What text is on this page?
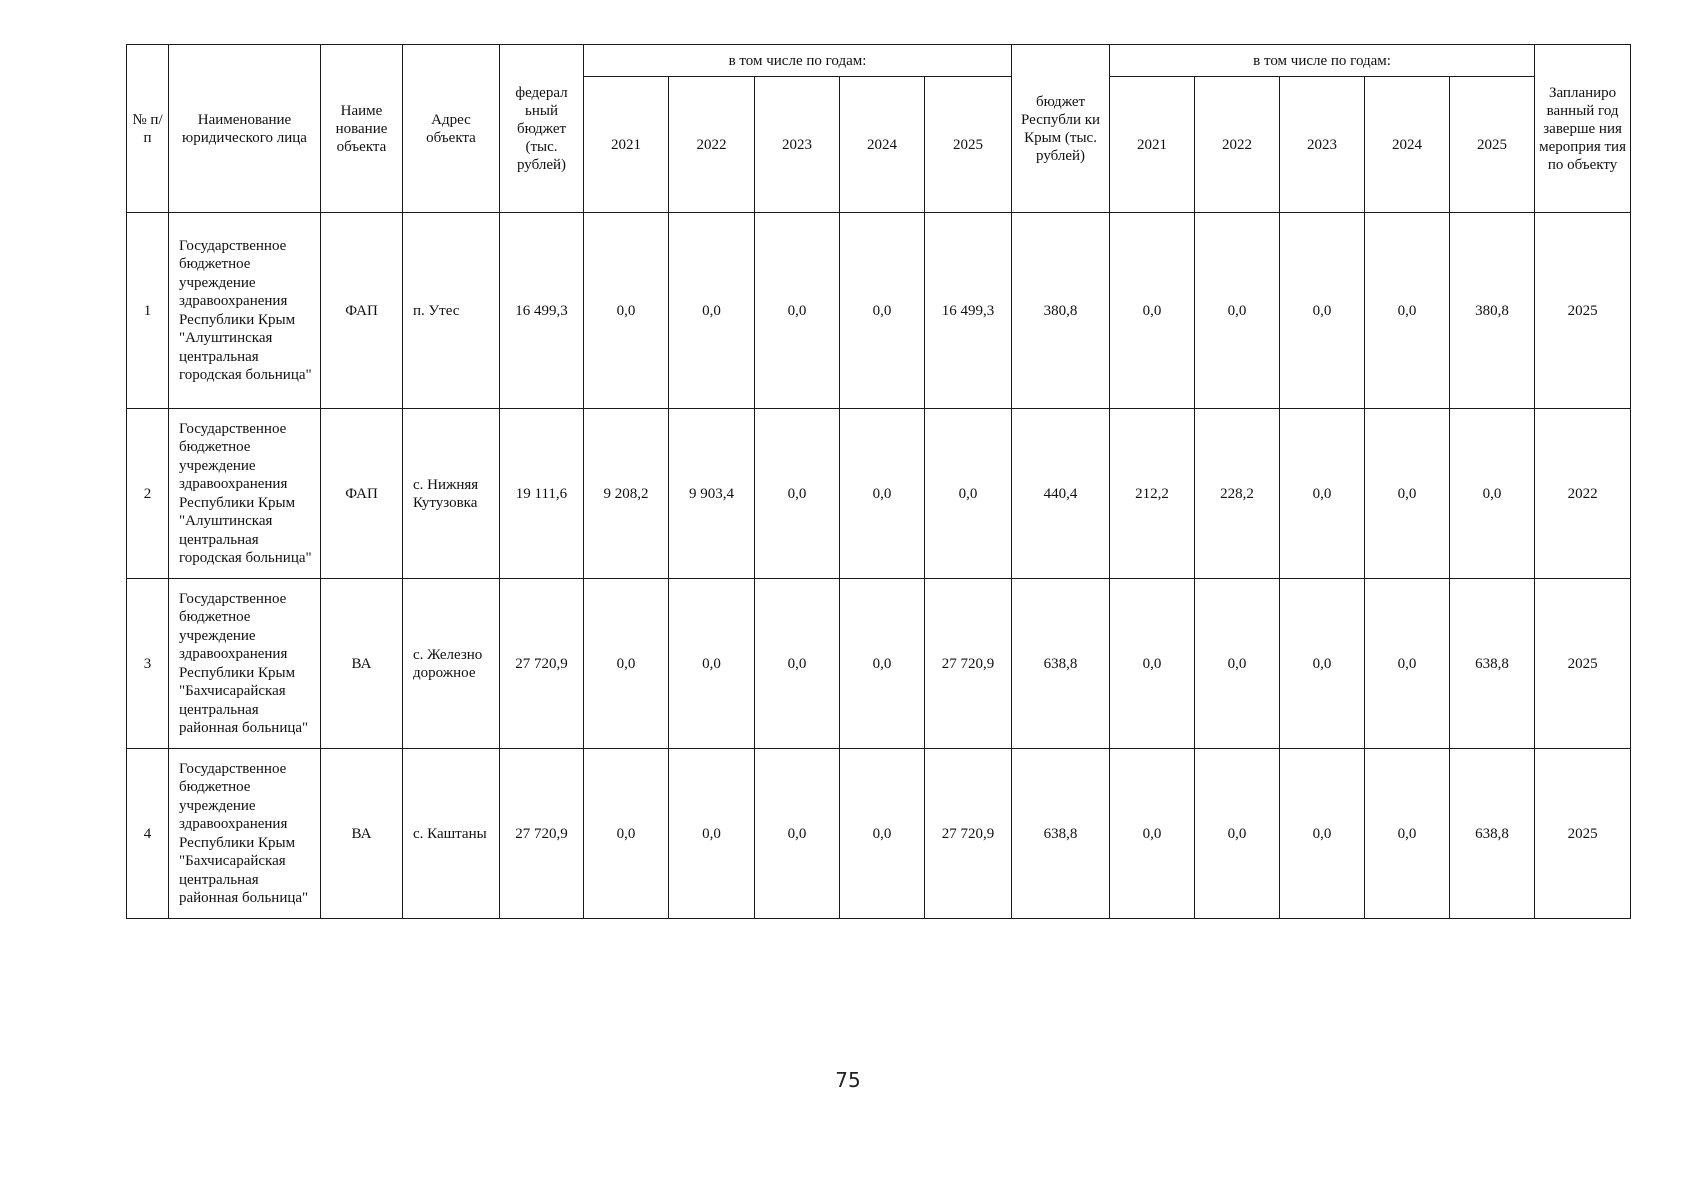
№ п/п	Наименование юридического лица	Наиме нование объекта	Адрес объекта	федерал ьный бюджет (тыс. рублей)	в том числе по годам:					бюджет Республи ки Крым (тыс. рублей)	в том числе по годам:					Запланиро ванный год заверше ния мероприя тия по объекту
					2021	2022	2023	2024	2025		2021	2022	2023	2024	2025	
1	Государственное бюджетное учреждение здравоохранения Республики Крым "Алуштинская центральная городская больница"	ФАП	п. Утес	16 499,3	0,0	0,0	0,0	0,0	16 499,3	380,8	0,0	0,0	0,0	0,0	380,8	2025
2	Государственное бюджетное учреждение здравоохранения Республики Крым "Алуштинская центральная городская больница"	ФАП	с. Нижняя Кутузовка	19 111,6	9 208,2	9 903,4	0,0	0,0	0,0	440,4	212,2	228,2	0,0	0,0	0,0	2022
3	Государственное бюджетное учреждение здравоохранения Республики Крым "Бахчисарайская центральная районная больница"	ВА	с. Железно дорожное	27 720,9	0,0	0,0	0,0	0,0	27 720,9	638,8	0,0	0,0	0,0	0,0	638,8	2025
4	Государственное бюджетное учреждение здравоохранения Республики Крым "Бахчисарайская центральная районная больница"	ВА	с. Каштаны	27 720,9	0,0	0,0	0,0	0,0	27 720,9	638,8	0,0	0,0	0,0	0,0	638,8	2025
75
